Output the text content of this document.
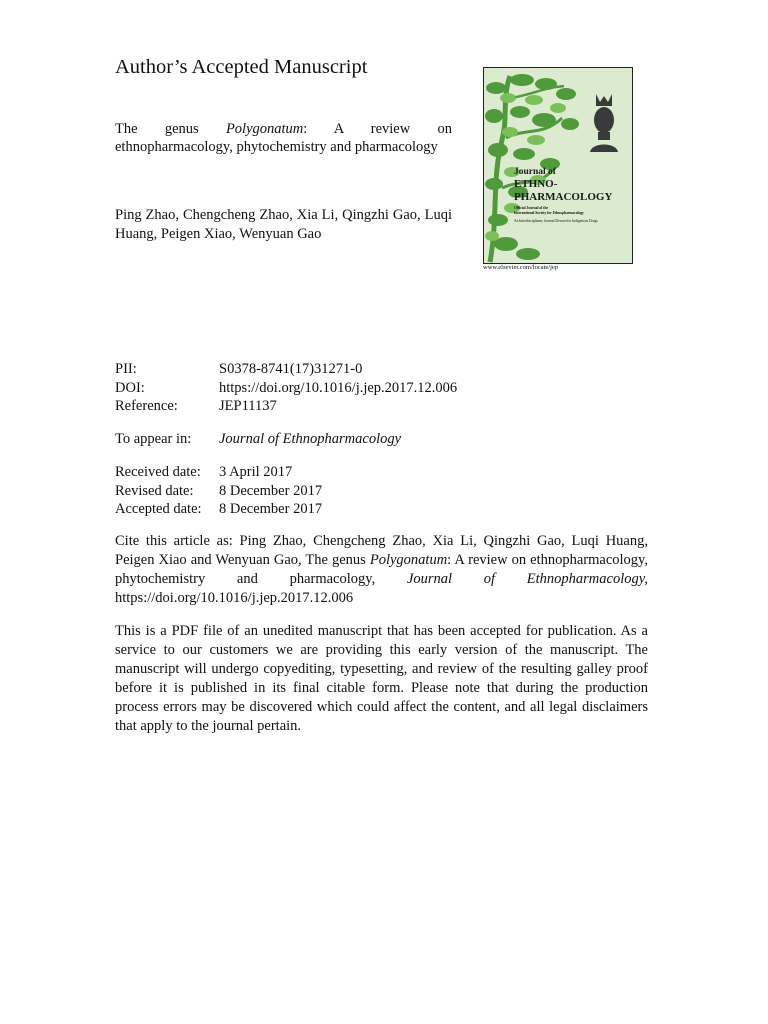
Author’s Accepted Manuscript
The genus Polygonatum: A review on ethnopharmacology, phytochemistry and pharmacology
Ping Zhao, Chengcheng Zhao, Xia Li, Qingzhi Gao, Luqi Huang, Peigen Xiao, Wenyuan Gao
Journal of
ETHNO-
PHARMACOLOGY
Official Journal of the
International Society for Ethnopharmacology
An Interdisciplinary Journal Devoted to Indigenous Drugs
www.elsevier.com/locate/jep
PII:	S0378-8741(17)31271-0
DOI:	https://doi.org/10.1016/j.jep.2017.12.006
Reference:	JEP11137
To appear in: Journal of Ethnopharmacology
Received date: 3 April 2017
Revised date: 8 December 2017
Accepted date: 8 December 2017
Cite this article as: Ping Zhao, Chengcheng Zhao, Xia Li, Qingzhi Gao, Luqi Huang, Peigen Xiao and Wenyuan Gao, The genus Polygonatum: A review on ethnopharmacology, phytochemistry and pharmacology, Journal of Ethnopharmacology, https://doi.org/10.1016/j.jep.2017.12.006
This is a PDF file of an unedited manuscript that has been accepted for publication. As a service to our customers we are providing this early version of the manuscript. The manuscript will undergo copyediting, typesetting, and review of the resulting galley proof before it is published in its final citable form. Please note that during the production process errors may be discovered which could affect the content, and all legal disclaimers that apply to the journal pertain.
